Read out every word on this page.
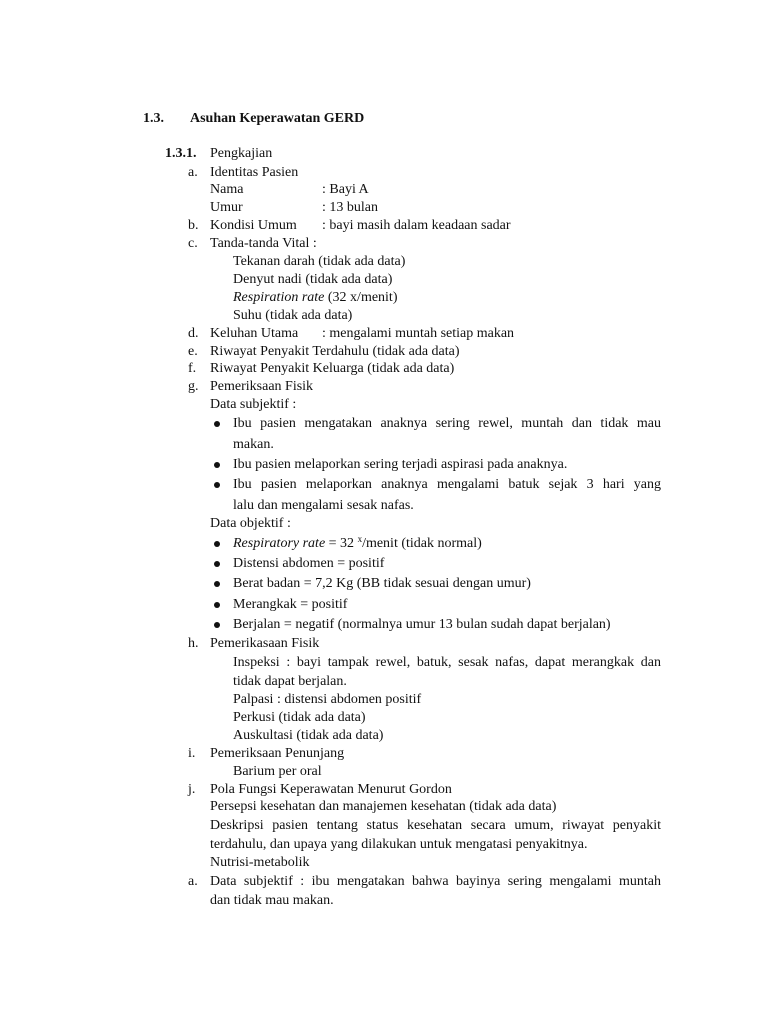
1.3. Asuhan Keperawatan GERD
1.3.1. Pengkajian
a. Identitas Pasien
Nama	: Bayi A
Umur	: 13 bulan
b. Kondisi Umum : bayi masih dalam keadaan sadar
c. Tanda-tanda Vital :
Tekanan darah (tidak ada data)
Denyut nadi (tidak ada data)
Respiration rate (32 x/menit)
Suhu (tidak ada data)
d. Keluhan Utama : mengalami muntah setiap makan
e. Riwayat Penyakit Terdahulu (tidak ada data)
f. Riwayat Penyakit Keluarga (tidak ada data)
g. Pemeriksaan Fisik
Data subjektif :
Ibu pasien mengatakan anaknya sering rewel, muntah dan tidak mau
makan.
Ibu pasien melaporkan sering terjadi aspirasi pada anaknya.
Ibu pasien melaporkan anaknya mengalami batuk sejak 3 hari yang
lalu dan mengalami sesak nafas.
Data objektif :
Respiratory rate = 32 $^x$/menit (tidak normal)
Distensi abdomen = positif
Berat badan = 7,2 Kg (BB tidak sesuai dengan umur)
Merangkak = positif
Berjalan = negatif (normalnya umur 13 bulan sudah dapat berjalan)
h. Pemerikasaan Fisik
Inspeksi : bayi tampak rewel, batuk, sesak nafas, dapat merangkak dan
tidak dapat berjalan.
Palpasi : distensi abdomen positif
Perkusi (tidak ada data)
Auskultasi (tidak ada data)
i. Pemeriksaan Penunjang
Barium per oral
j. Pola Fungsi Keperawatan Menurut Gordon
Persepsi kesehatan dan manajemen kesehatan (tidak ada data)
Deskripsi pasien tentang status kesehatan secara umum, riwayat penyakit
terdahulu, dan upaya yang dilakukan untuk mengatasi penyakitnya.
Nutrisi-metabolik
a. Data subjektif : ibu mengatakan bahwa bayinya sering mengalami muntah
dan tidak mau makan.
